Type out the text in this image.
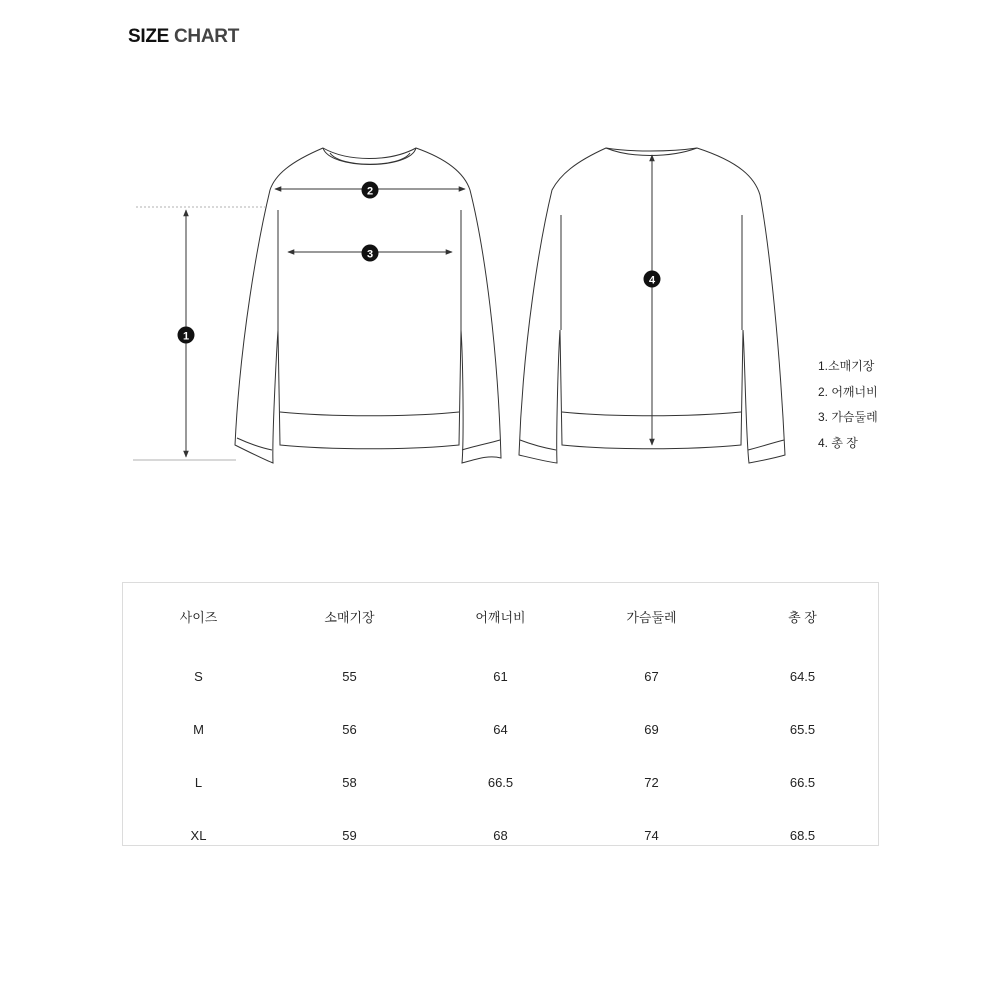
SIZE CHART
1
2
3
4
1.소매기장
2. 어깨너비
3. 가슴둘레
4. 총 장
사이즈	소매기장	어깨너비	가슴둘레	총 장
S	55	61	67	64.5
M	56	64	69	65.5
L	58	66.5	72	66.5
XL	59	68	74	68.5
